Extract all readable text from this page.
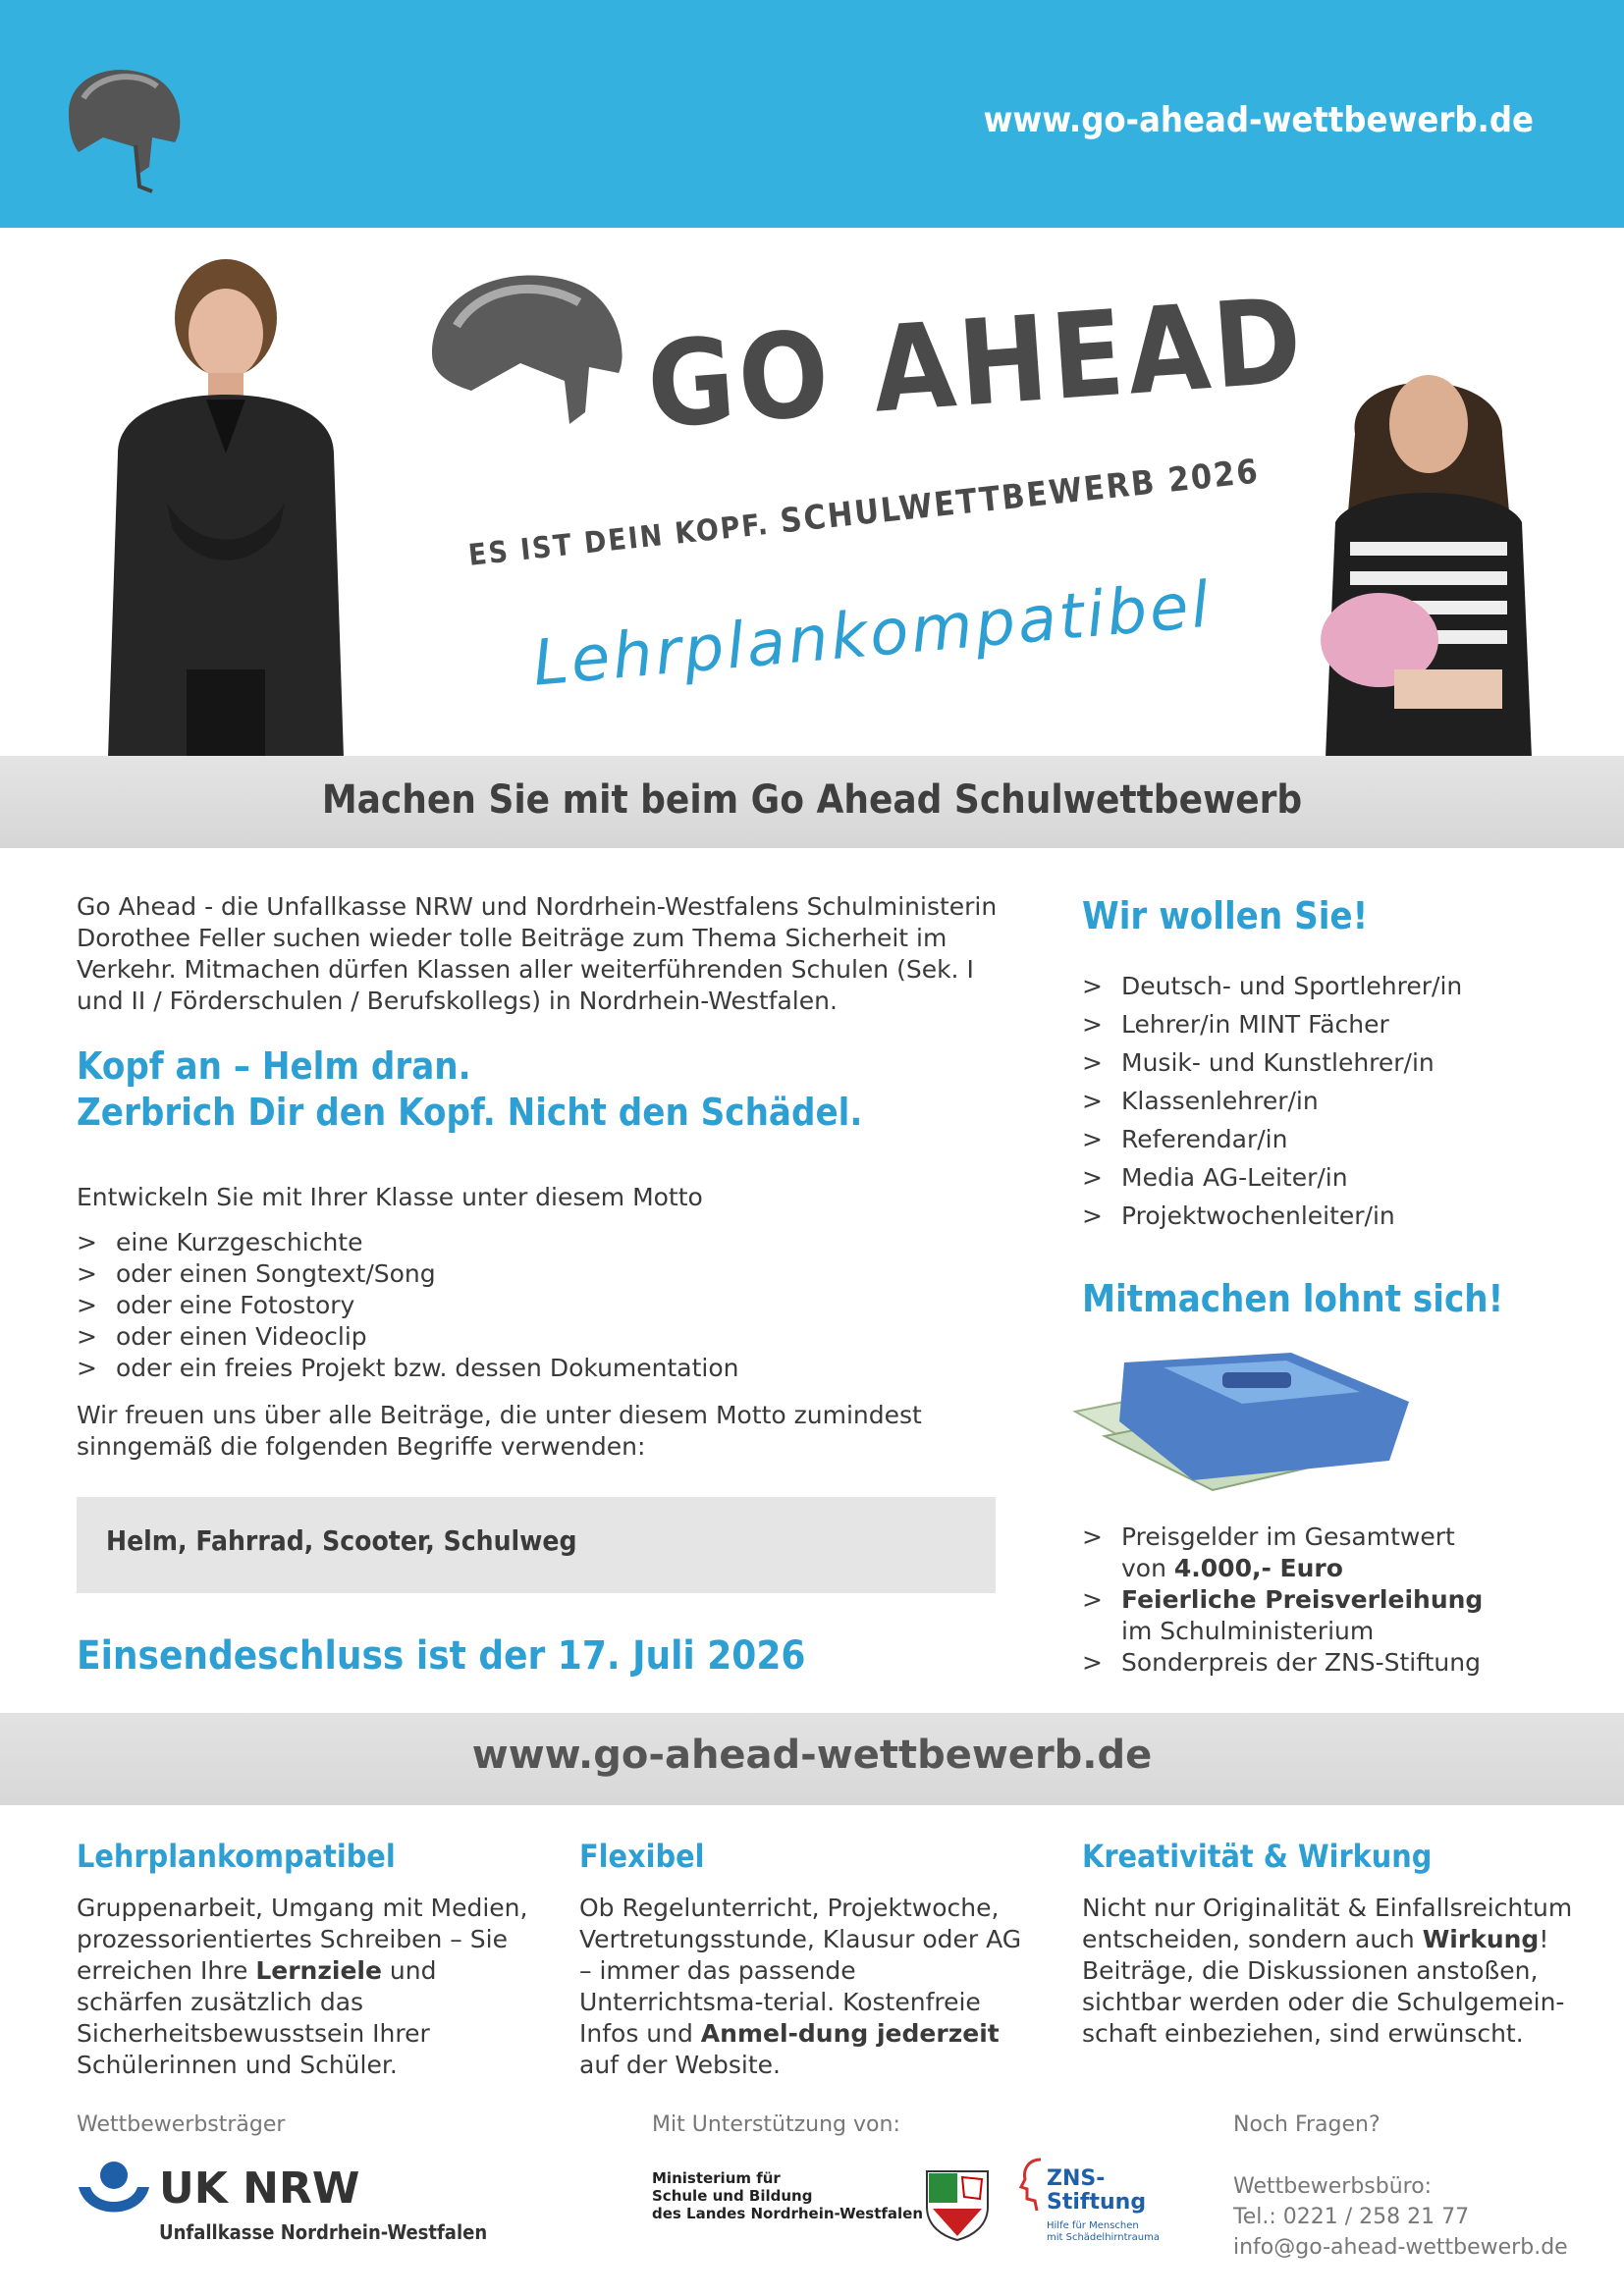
www.go-ahead-wettbewerb.de
GO AHEAD
ES IST DEIN KOPF. SCHULWETTBEWERB 2026
Lehrplankompatibel
Machen Sie mit beim Go Ahead Schulwettbewerb
Go Ahead - die Unfallkasse NRW und Nordrhein-Westfalens Schulministerin Dorothee Feller suchen wieder tolle Beiträge zum Thema Sicherheit im Verkehr. Mitmachen dürfen Klassen aller weiterführenden Schulen (Sek. I und II / Förderschulen / Berufskollegs) in Nordrhein-Westfalen.
Kopf an – Helm dran.
Zerbrich Dir den Kopf. Nicht den Schädel.
Entwickeln Sie mit Ihrer Klasse unter diesem Motto
> eine Kurzgeschichte
> oder einen Songtext/Song
> oder eine Fotostory
> oder einen Videoclip
> oder ein freies Projekt bzw. dessen Dokumentation
Wir freuen uns über alle Beiträge, die unter diesem Motto zumindest sinngemäß die folgenden Begriffe verwenden:
Helm, Fahrrad, Scooter, Schulweg
Einsendeschluss ist der 17. Juli 2026
Wir wollen Sie!
> Deutsch- und Sportlehrer/in
> Lehrer/in MINT Fächer
> Musik- und Kunstlehrer/in
> Klassenlehrer/in
> Referendar/in
> Media AG-Leiter/in
> Projektwochenleiter/in
Mitmachen lohnt sich!
> Preisgelder im Gesamtwert
von 4.000,- Euro
> Feierliche Preisverleihung
im Schulministerium
> Sonderpreis der ZNS-Stiftung
www.go-ahead-wettbewerb.de
Lehrplankompatibel
Gruppenarbeit, Umgang mit Medien, prozessorientiertes Schreiben – Sie erreichen Ihre Lernziele und schärfen zusätzlich das Sicherheitsbewusstsein Ihrer Schülerinnen und Schüler.
Flexibel
Ob Regelunterricht, Projektwoche, Vertretungsstunde, Klausur oder AG – immer das passende Unterrichtsma-terial. Kostenfreie Infos und Anmel-dung jederzeit auf der Website.
Kreativität & Wirkung
Nicht nur Originalität & Einfallsreichtum entscheiden, sondern auch Wirkung! Beiträge, die Diskussionen anstoßen, sichtbar werden oder die Schulgemein-schaft einbeziehen, sind erwünscht.
Wettbewerbsträger
UK NRW
Unfallkasse Nordrhein-Westfalen
Mit Unterstützung von:
Ministerium für
Schule und Bildung
des Landes Nordrhein-Westfalen
ZNS-
Stiftung
Hilfe für Menschen
mit Schädelhirntrauma
Noch Fragen?
Wettbewerbsbüro:
Tel.: 0221 / 258 21 77
info@go-ahead-wettbewerb.de
